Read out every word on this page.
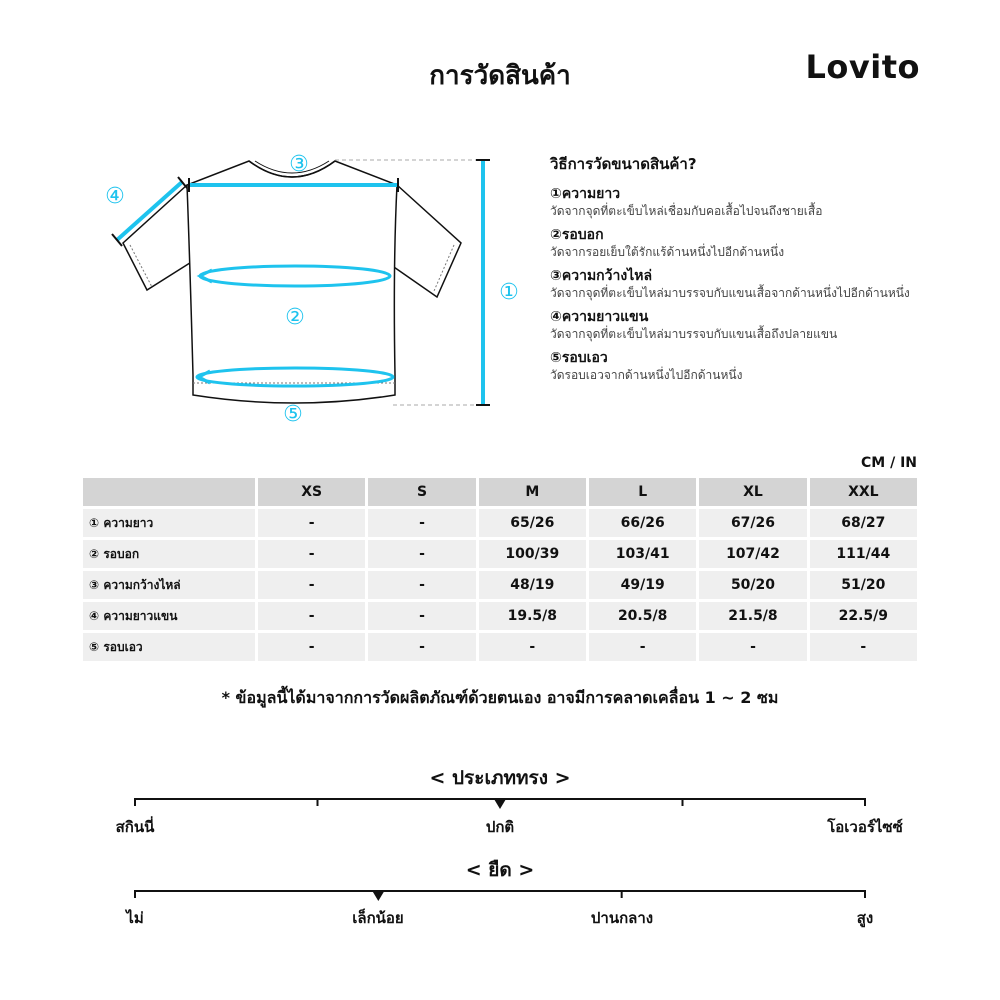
การวัดสินค้า	Lovito
①
②
③
④
⑤
วิธีการวัดขนาดสินค้า?
①ความยาว
วัดจากจุดที่ตะเข็บไหล่เชื่อมกับคอเสื้อไปจนถึงชายเสื้อ
②รอบอก
วัดจากรอยเย็บใต้รักแร้ด้านหนึ่งไปอีกด้านหนึ่ง
③ความกว้างไหล่
วัดจากจุดที่ตะเข็บไหล่มาบรรจบกับแขนเสื้อจากด้านหนึ่งไปอีกด้านหนึ่ง
④ความยาวแขน
วัดจากจุดที่ตะเข็บไหล่มาบรรจบกับแขนเสื้อถึงปลายแขน
⑤รอบเอว
วัดรอบเอวจากด้านหนึ่งไปอีกด้านหนึ่ง
CM / IN
	XS	S	M	L	XL	XXL
① ความยาว	-	-	65/26	66/26	67/26	68/27
② รอบอก	-	-	100/39	103/41	107/42	111/44
③ ความกว้างไหล่	-	-	48/19	49/19	50/20	51/20
④ ความยาวแขน	-	-	19.5/8	20.5/8	21.5/8	22.5/9
⑤ รอบเอว	-	-	-	-	-	-
* ข้อมูลนี้ได้มาจากการวัดผลิตภัณฑ์ด้วยตนเอง อาจมีการคลาดเคลื่อน 1 ~ 2 ซม
< ประเภททรง >
สกินนี่	ปกติ	โอเวอร์ไซซ์
< ยืด >
ไม่	เล็กน้อย	ปานกลาง	สูง
